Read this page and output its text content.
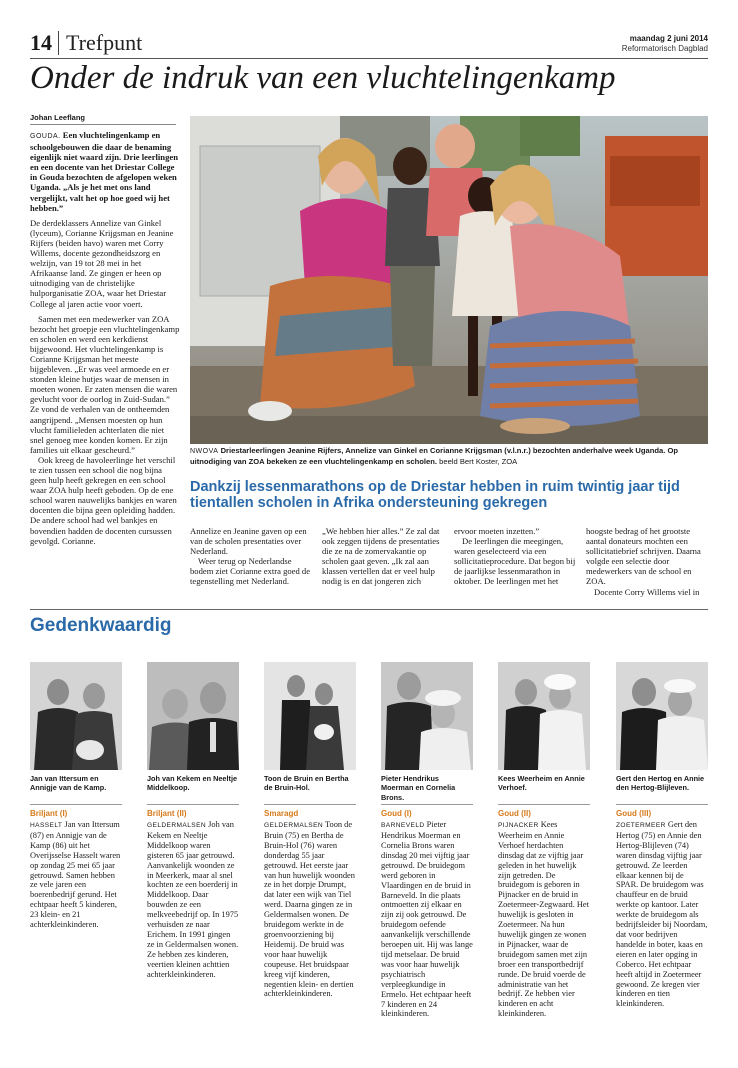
14 Trefpunt	maandag 2 juni 2014
Reformatorisch Dagblad
Onder de indruk van een vluchtelingenkamp
Johan Leeflang

GOUDA. Een vluchtelingenkamp en schoolgebouwen die daar de benaming eigenlijk niet waard zijn. Drie leerlingen en een docente van het Driestar College in Gouda bezochten de afgelopen weken Uganda. „Als je het met ons land vergelijkt, valt het op hoe goed wij het hebben.”

De derdeklassers Annelize van Ginkel (lyceum), Corianne Krijgsman en Jeanine Rijfers (beiden havo) waren met Corry Willems, docente gezondheidszorg en welzijn, van 19 tot 28 mei in het Afrikaanse land. Ze gingen er heen op uitnodiging van de christelijke hulporganisatie ZOA, waar het Driestar College al jaren actie voor voert.

Samen met een medewerker van ZOA bezocht het groepje een vluchtelingenkamp en scholen en werd een kerkdienst bijgewoond. Het vluchtelingenkamp is Corianne Krijgsman het meeste bijgebleven. „Er was veel armoede en er stonden kleine hutjes waar de mensen in moeten wonen. Er zaten mensen die waren gevlucht voor de oorlog in Zuid-Sudan.” Ze vond de verhalen van de ontheemden aangrijpend. „Mensen moesten op hun vlucht familieleden achterlaten die niet snel genoeg mee konden komen. Er zijn families uit elkaar gescheurd.”

Ook kreeg de havoleerlinge het verschil te zien tussen een school die nog bijna geen hulp heeft gekregen en een school waar ZOA hulp heeft geboden. Op de ene school waren nauwelijks bankjes en waren docenten die bijna geen opleiding hadden. De andere school had wel bankjes en bovendien hadden de docenten cursussen gevolgd. Corianne.

NWOVA Driestarleerlingen Jeanine Rijfers, Annelize van Ginkel en Corianne Krijgsman (v.l.n.r.) bezochten anderhalve week Uganda. Op uitnodiging van ZOA bekeken ze een vluchtelingenkamp en scholen. beeld Bert Koster, ZOA
Dankzij lessenmarathons op de Driestar hebben in ruim twintig jaar tijd tientallen scholen in Afrika ondersteuning gekregen

Annelize en Jeanine gaven op een van de scholen presentaties over Nederland.

Weer terug op Nederlandse bodem ziet Corianne extra goed de tegenstelling met Nederland.

„We hebben hier alles.” Ze zal dat ook zeggen tijdens de presentaties die ze na de zomervakantie op scholen gaat geven. „Ik zal aan klassen vertellen dat er veel hulp nodig is en dat jongeren zich

ervoor moeten inzetten.”

De leerlingen die meegingen, waren geselecteerd via een sollicitatieprocedure. Dat begon bij de jaarlijkse lessenmarathon in oktober. De leerlingen met het

hoogste bedrag of het grootste aantal donateurs mochten een sollicitatiebrief schrijven. Daarna volgde een selectie door medewerkers van de school en ZOA.

Docente Corry Willems viel in

Gedenkwaardig
Jan van Ittersum en Annigje van de Kamp.
Briljant (I)
HASSELT Jan van Ittersum (87) en Annigje van de Kamp (86) uit het Overijsselse Hasselt waren op zondag 25 mei 65 jaar getrouwd. Samen hebben ze vele jaren een boerenbedrijf gerund. Het echtpaar heeft 5 kinderen, 23 klein- en 21 achterkleinkinderen.
Joh van Kekem en Neeltje Middelkoop.
Briljant (II)
GELDERMALSEN Joh van Kekem en Neeltje Middelkoop waren gisteren 65 jaar getrouwd. Aanvankelijk woonden ze in Meerkerk, maar al snel kochten ze een boerderij in Middelkoop. Daar bouwden ze een melkveebedrijf op. In 1975 verhuisden ze naar Erichem. In 1991 gingen ze in Geldermalsen wonen. Ze hebben zes kinderen, veertien kleinen achttien achterkleinkinderen.
Toon de Bruin en Bertha de Bruin-Hol.
Smaragd
GELDERMALSEN Toon de Bruin (75) en Bertha de Bruin-Hol (76) waren donderdag 55 jaar getrouwd. Het eerste jaar van hun huwelijk woonden ze in het dorpje Drumpt, dat later een wijk van Tiel werd. Daarna gingen ze in Geldermalsen wonen. De bruidegom werkte in de groenvoorziening bij Heidemij. De bruid was voor haar huwelijk coupeuse. Het bruidspaar kreeg vijf kinderen, negentien klein- en dertien achterkleinkinderen.
Pieter Hendrikus Moerman en Cornelia Brons.
Goud (I)
BARNEVELD Pieter Hendrikus Moerman en Cornelia Brons waren dinsdag 20 mei vijftig jaar getrouwd. De bruidegom werd geboren in Vlaardingen en de bruid in Barneveld. In die plaats ontmoetten zij elkaar en zijn zij ook getrouwd. De bruidegom oefende aanvankelijk verschillende beroepen uit. Hij was lange tijd metselaar. De bruid was voor haar huwelijk psychiatrisch verpleegkundige in Ermelo. Het echtpaar heeft 7 kinderen en 24 kleinkinderen.
Kees Weerheim en Annie Verhoef.
Goud (II)
PIJNACKER Kees Weerheim en Annie Verhoef herdachten dinsdag dat ze vijftig jaar geleden in het huwelijk zijn getreden. De bruidegom is geboren in Pijnacker en de bruid in Zoetermeer-Zegwaard. Het huwelijk is gesloten in Zoetermeer. Na hun huwelijk gingen ze wonen in Pijnacker, waar de bruidegom samen met zijn broer een transportbedrijf runde. De bruid voerde de administratie van het bedrijf. Ze hebben vier kinderen en acht kleinkinderen.
Gert den Hertog en Annie den Hertog-Blijleven.
Goud (III)
ZOETERMEER Gert den Hertog (75) en Annie den Hertog-Blijleven (74) waren dinsdag vijftig jaar getrouwd. Ze leerden elkaar kennen bij de SPAR. De bruidegom was chauffeur en de bruid werkte op kantoor. Later werkte de bruidegom als bedrijfsleider bij Noordam, dat voor bedrijven handelde in boter, kaas en eieren en later opging in Coberco. Het echtpaar heeft altijd in Zoetermeer gewoond. Ze kregen vier kinderen en tien kleinkinderen.
